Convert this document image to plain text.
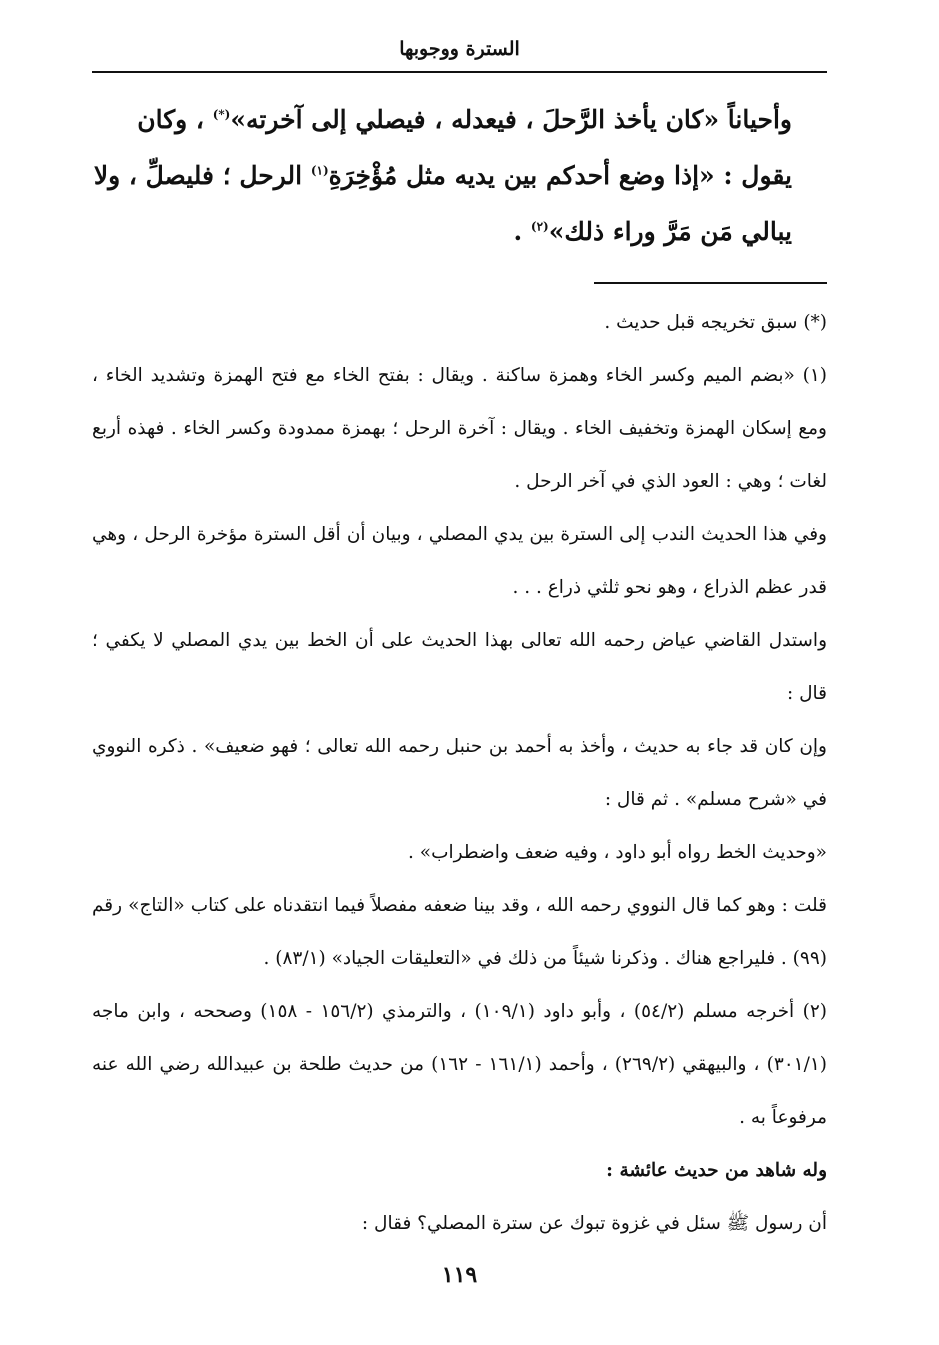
السترة ووجوبها

وأحياناً «كان يأخذ الرَّحلَ ، فيعدله ، فيصلي إلى آخرته»(*) ، وكان يقول : «إذا وضع أحدكم بين يديه مثل مُؤْخِرَةِ$^{(١)}$ الرحل ؛ فليصلِّ ، ولا يبالي مَن مَرَّ وراء ذلك»$^{(٢)}$ .

(*) سبق تخريجه قبل حديث .

(١) «بضم الميم وكسر الخاء وهمزة ساكنة . ويقال : بفتح الخاء مع فتح الهمزة وتشديد الخاء ، ومع إسكان الهمزة وتخفيف الخاء . ويقال : آخرة الرحل ؛ بهمزة ممدودة وكسر الخاء . فهذه أربع لغات ؛ وهي : العود الذي في آخر الرحل .

وفي هذا الحديث الندب إلى السترة بين يدي المصلي ، وبيان أن أقل السترة مؤخرة الرحل ، وهي قدر عظم الذراع ، وهو نحو ثلثي ذراع . . .

واستدل القاضي عياض رحمه الله تعالى بهذا الحديث على أن الخط بين يدي المصلي لا يكفي ؛ قال :

وإن كان قد جاء به حديث ، وأخذ به أحمد بن حنبل رحمه الله تعالى ؛ فهو ضعيف» . ذكره النووي في «شرح مسلم» . ثم قال :

«وحديث الخط رواه أبو داود ، وفيه ضعف واضطراب» .

قلت : وهو كما قال النووي رحمه الله ، وقد بينا ضعفه مفصلاً فيما انتقدناه على كتاب «التاج» رقم (٩٩) . فليراجع هناك . وذكرنا شيئاً من ذلك في «التعليقات الجياد» (٨٣/١) .

(٢) أخرجه مسلم (٥٤/٢) ، وأبو داود (١٠٩/١) ، والترمذي (١٥٦/٢ - ١٥٨) وصححه ، وابن ماجه (٣٠١/١) ، والبيهقي (٢٦٩/٢) ، وأحمد (١٦١/١ - ١٦٢) من حديث طلحة بن عبيدالله رضي الله عنه مرفوعاً به .

وله شاهد من حديث عائشة :

أن رسول ﷺ سئل في غزوة تبوك عن سترة المصلي؟ فقال :

١١٩
